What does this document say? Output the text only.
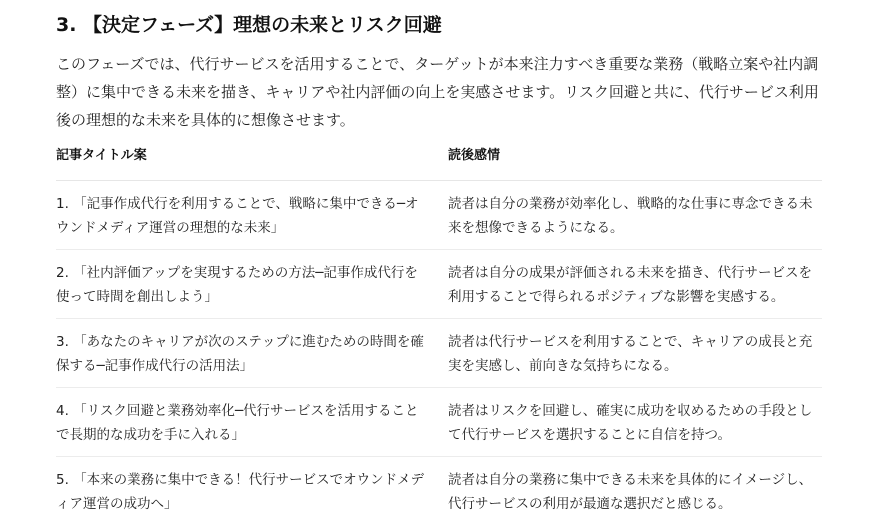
3. 【決定フェーズ】理想の未来とリスク回避

このフェーズでは、代行サービスを活用することで、ターゲットが本来注力すべき重要な業務（戦略立案や社内調整）に集中できる未来を描き、キャリアや社内評価の向上を実感させます。リスク回避と共に、代行サービス利用後の理想的な未来を具体的に想像させます。

記事タイトル案	読後感情
1. 「記事作成代行を利用することで、戦略に集中できる─オウンドメディア運営の理想的な未来」
読者は自分の業務が効率化し、戦略的な仕事に専念できる未来を想像できるようになる。
2. 「社内評価アップを実現するための方法─記事作成代行を使って時間を創出しよう」
読者は自分の成果が評価される未来を描き、代行サービスを利用することで得られるポジティブな影響を実感する。
3. 「あなたのキャリアが次のステップに進むための時間を確保する─記事作成代行の活用法」
読者は代行サービスを利用することで、キャリアの成長と充実を実感し、前向きな気持ちになる。
4. 「リスク回避と業務効率化─代行サービスを活用することで長期的な成功を手に入れる」
読者はリスクを回避し、確実に成功を収めるための手段として代行サービスを選択することに自信を持つ。
5. 「本来の業務に集中できる！代行サービスでオウンドメディア運営の成功へ」
読者は自分の業務に集中できる未来を具体的にイメージし、代行サービスの利用が最適な選択だと感じる。
